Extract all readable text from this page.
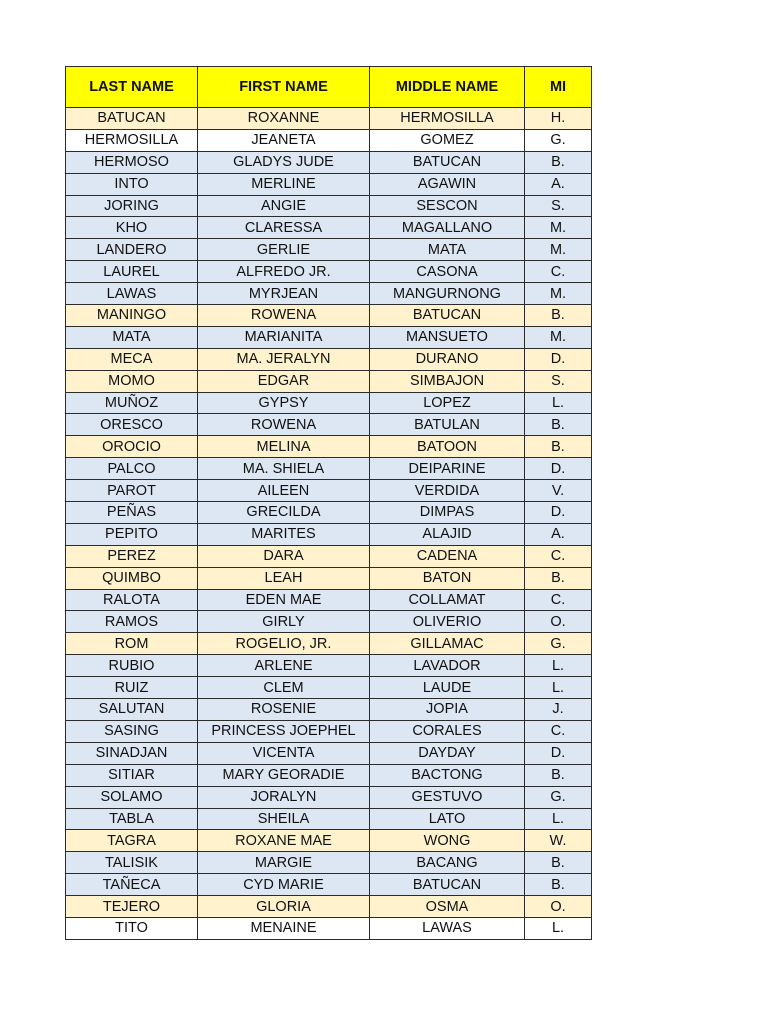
LAST NAME	FIRST NAME	MIDDLE NAME	MI
BATUCAN	ROXANNE	HERMOSILLA	H.
HERMOSILLA	JEANETA	GOMEZ	G.
HERMOSO	GLADYS JUDE	BATUCAN	B.
INTO	MERLINE	AGAWIN	A.
JORING	ANGIE	SESCON	S.
KHO	CLARESSA	MAGALLANO	M.
LANDERO	GERLIE	MATA	M.
LAUREL	ALFREDO JR.	CASONA	C.
LAWAS	MYRJEAN	MANGURNONG	M.
MANINGO	ROWENA	BATUCAN	B.
MATA	MARIANITA	MANSUETO	M.
MECA	MA. JERALYN	DURANO	D.
MOMO	EDGAR	SIMBAJON	S.
MUÑOZ	GYPSY	LOPEZ	L.
ORESCO	ROWENA	BATULAN	B.
OROCIO	MELINA	BATOON	B.
PALCO	MA. SHIELA	DEIPARINE	D.
PAROT	AILEEN	VERDIDA	V.
PEÑAS	GRECILDA	DIMPAS	D.
PEPITO	MARITES	ALAJID	A.
PEREZ	DARA	CADENA	C.
QUIMBO	LEAH	BATON	B.
RALOTA	EDEN MAE	COLLAMAT	C.
RAMOS	GIRLY	OLIVERIO	O.
ROM	ROGELIO, JR.	GILLAMAC	G.
RUBIO	ARLENE	LAVADOR	L.
RUIZ	CLEM	LAUDE	L.
SALUTAN	ROSENIE	JOPIA	J.
SASING	PRINCESS JOEPHEL	CORALES	C.
SINADJAN	VICENTA	DAYDAY	D.
SITIAR	MARY GEORADIE	BACTONG	B.
SOLAMO	JORALYN	GESTUVO	G.
TABLA	SHEILA	LATO	L.
TAGRA	ROXANE MAE	WONG	W.
TALISIK	MARGIE	BACANG	B.
TAÑECA	CYD MARIE	BATUCAN	B.
TEJERO	GLORIA	OSMA	O.
TITO	MENAINE	LAWAS	L.
